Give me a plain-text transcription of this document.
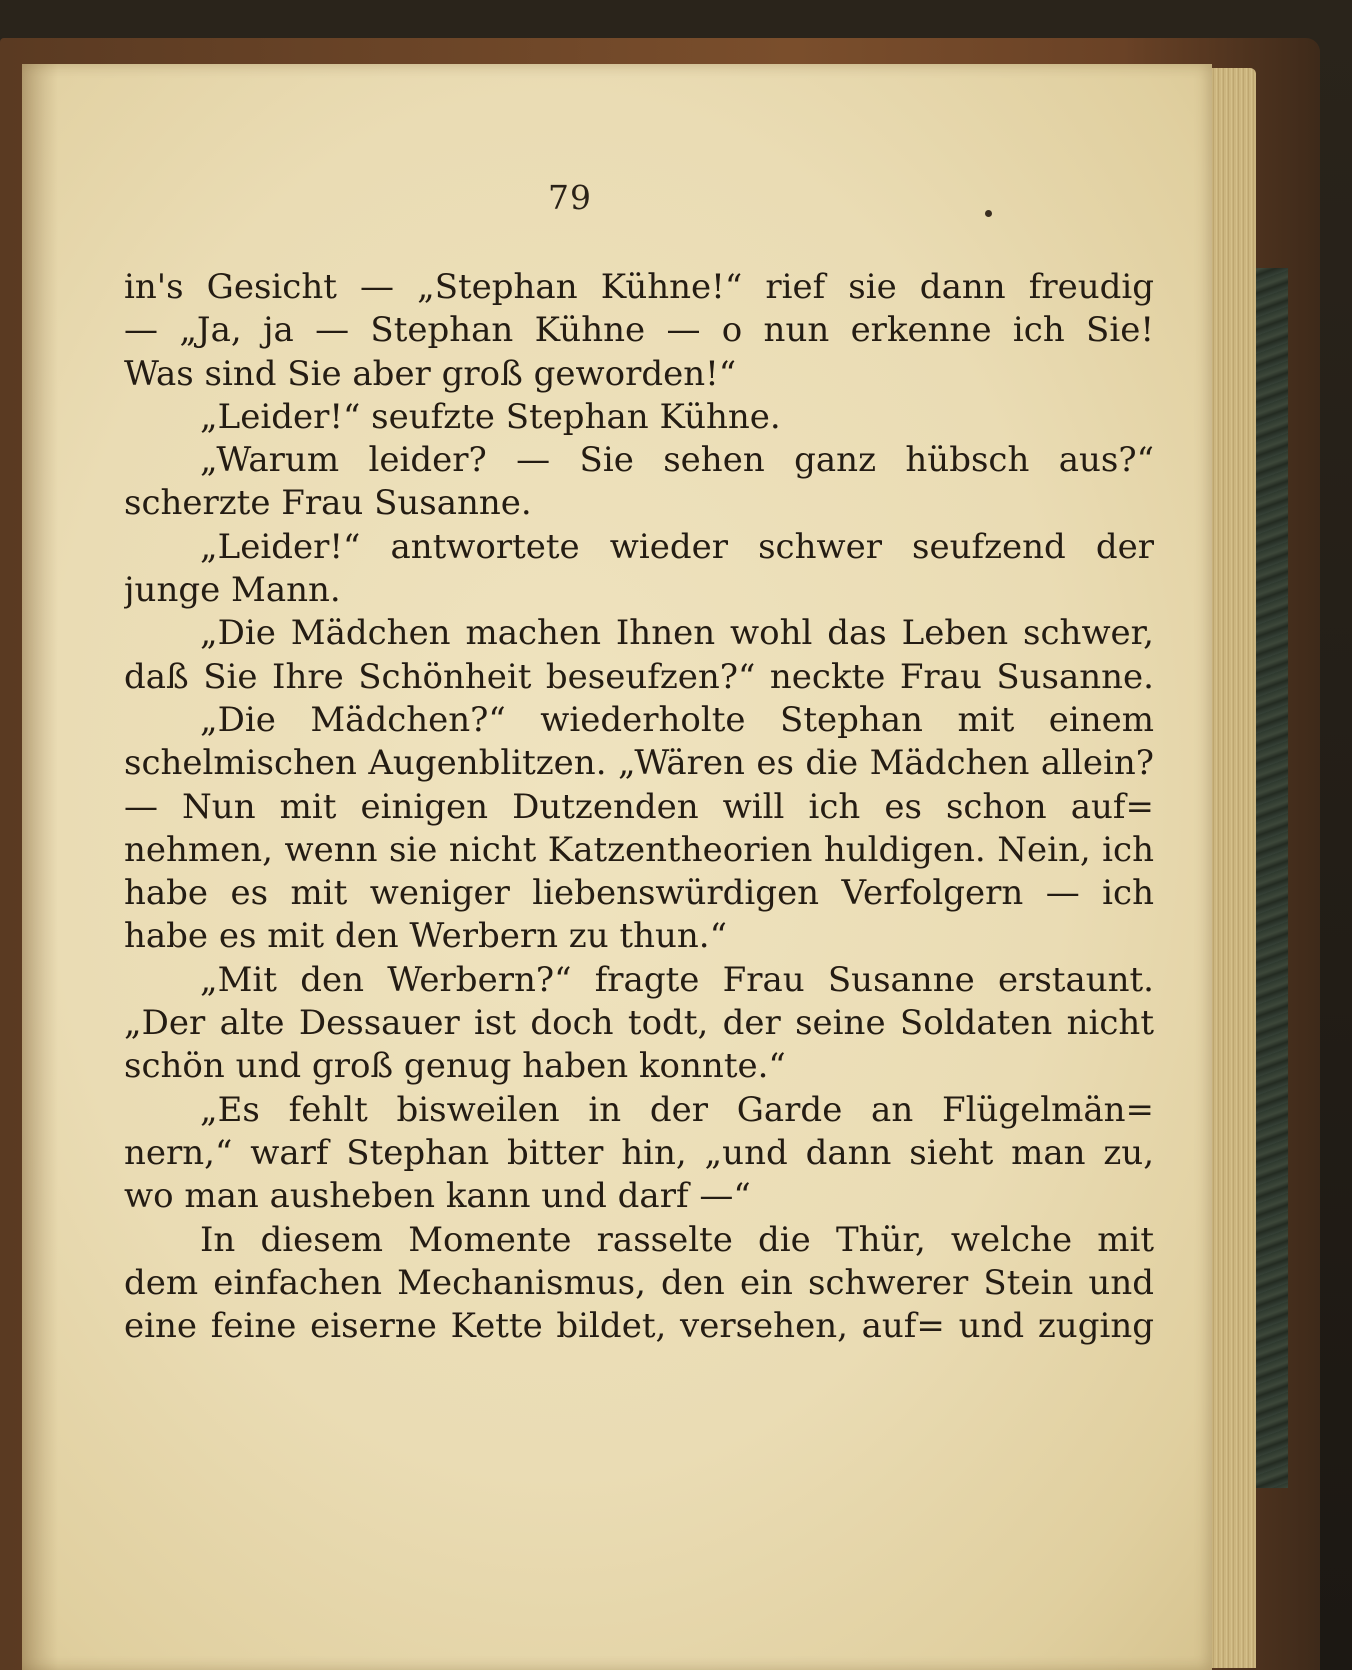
79
in's Gesicht — „Stephan Kühne!“ rief sie dann freudig
— „Ja, ja — Stephan Kühne — o nun erkenne ich Sie!
Was sind Sie aber groß geworden!“
„Leider!“ seufzte Stephan Kühne.
„Warum leider? — Sie sehen ganz hübsch aus?“
scherzte Frau Susanne.
„Leider!“ antwortete wieder schwer seufzend der
junge Mann.
„Die Mädchen machen Ihnen wohl das Leben schwer,
daß Sie Ihre Schönheit beseufzen?“ neckte Frau Susanne.
„Die Mädchen?“ wiederholte Stephan mit einem
schelmischen Augenblitzen. „Wären es die Mädchen allein?
— Nun mit einigen Dutzenden will ich es schon auf=
nehmen, wenn sie nicht Katzentheorien huldigen. Nein, ich
habe es mit weniger liebenswürdigen Verfolgern — ich
habe es mit den Werbern zu thun.“
„Mit den Werbern?“ fragte Frau Susanne erstaunt.
„Der alte Dessauer ist doch todt, der seine Soldaten nicht
schön und groß genug haben konnte.“
„Es fehlt bisweilen in der Garde an Flügelmän=
nern,“ warf Stephan bitter hin, „und dann sieht man zu,
wo man ausheben kann und darf —“
In diesem Momente rasselte die Thür, welche mit
dem einfachen Mechanismus, den ein schwerer Stein und
eine feine eiserne Kette bildet, versehen, auf= und zuging
